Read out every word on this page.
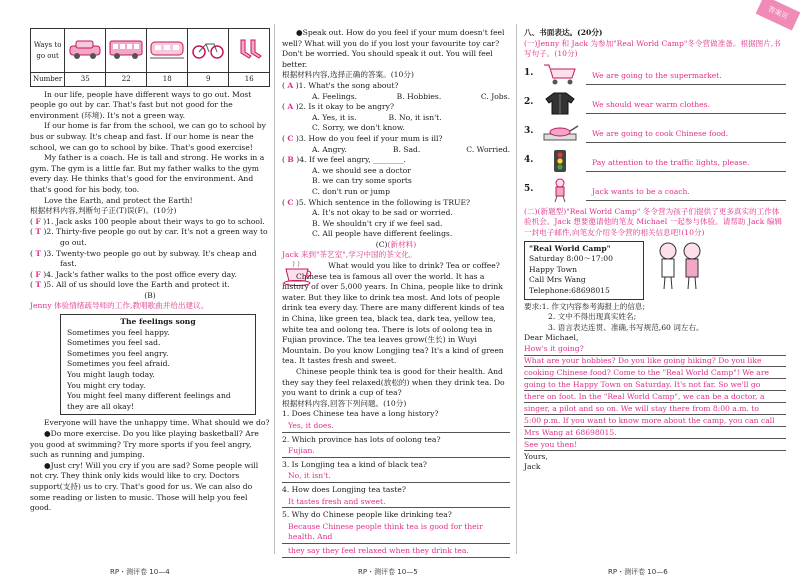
Ways to go out					
Number	35	22	18	9	16

In our life, people have different ways to go out. Most people go out by car. That's fast but not good for the environment (环境). It's not a green way.

If our home is far from the school, we can go to school by bus or subway. It's cheap and fast. If our home is near the school, we can go to school by bike. That's good exercise!

My father is a coach. He is tall and strong. He works in a gym. The gym is a little far. But my father walks to the gym every day. He thinks that's good for the environment. And that's good for his body, too.

Love the Earth, and protect the Earth!

根据材料内容,判断句子正(T)误(F)。(10分)

( F )1. Jack asks 100 people about their ways to go to school.

( T )2. Thirty-five people go out by car. It's not a green way to go out.

( T )3. Twenty-two people go out by subway. It's cheap and fast.

( F )4. Jack's father walks to the post office every day.

( T )5. All of us should love the Earth and protect it.

(B)

Jenny 体验情绪疏导师的工作,教唱歌曲并给出建议。

The feelings song

Sometimes you feel happy.

Sometimes you feel sad.

Sometimes you feel angry.

Sometimes you feel afraid.

You might laugh today.

You might cry today.

You might feel many different feelings and they are all okay!

Everyone will have the unhappy time. What should we do?

●Do more exercise. Do you like playing basketball? Are you good at swimming? Try more sports if you feel angry, such as running and jumping.

●Just cry! Will you cry if you are sad? Some people will not cry. They think only kids would like to cry. Doctors support(支持) us to cry. That's good for us. We can also do some reading or listen to music. Those will help you feel good.

●Speak out. How do you feel if your mum doesn't feel well? What will you do if you lost your favourite toy car? Don't be worried. You should speak it out. You will feel better.

根据材料内容,选择正确的答案。(10分)

( A )1. What's the song about?

A. Feelings.	B. Hobbies.	C. Jobs.

( A )2. Is it okay to be angry?

A. Yes, it is.	B. No, it isn't.

C. Sorry, we don't know.

( C )3. How do you feel if your mum is ill?

A. Angry.	B. Sad.	C. Worried.

( B )4. If we feel angry, ________.

A. we should see a doctor

B. we can try some sports

C. don't run or jump

( C )5. Which sentence in the following is TRUE?

A. It's not okay to be sad or worried.

B. We shouldn't cry if we feel sad.

C. All people have different feelings.

(C)(新材料)

Jack 来到"茶艺室",学习中国的茶文化。

What would you like to drink? Tea or coffee?

Chinese tea is famous all over the world. It has a history of over 5,000 years. In China, people like to drink water. But they like to drink tea most. And lots of people drink tea every day. There are many different kinds of tea in China, like green tea, black tea, dark tea, yellow tea, white tea and oolong tea. There is lots of oolong tea in Fujian province. The tea leaves grow(生长) in Wuyi Mountain. Do you know Longjing tea? It's a kind of green tea. It tastes fresh and sweet.

Chinese people think tea is good for their health. And they say they feel relaxed(放松的) when they drink tea. Do you want to drink a cup of tea?

根据材料内容,回答下列问题。(10分)

1. Does Chinese tea have a long history?

Yes, it does.

2. Which province has lots of oolong tea?

Fujian.

3. Is Longjing tea a kind of black tea?

No, it isn't.

4. How does Longjing tea taste?

It tastes fresh and sweet.

5. Why do Chinese people like drinking tea?

Because Chinese people think tea is good for their health. And

they say they feel relaxed when they drink tea.

八、书面表达。(20分)

(一)Jenny 和 Jack 为参加"Real World Camp"冬令营做准备。根据图片,书写句子。(10分)

1.	We are going to the supermarket.

2.	We should wear warm clothes.

3.	We are going to cook Chinese food.

4.	Pay attention to the traffic lights, please.

5.	Jack wants to be a coach.

(二)(新题型)"Real World Camp" 冬令营为孩子们提供了更多真实的工作体验机会。Jack 想要邀请他的笔友 Michael 一起参与体验。请帮助 Jack 编辑一封电子邮件,向笔友介绍冬令营的相关信息吧!(10分)

"Real World Camp"

Saturday 8:00～17:00

Happy Town

Call Mrs Wang

Telephone:68698015

要求:1. 作文内容参考海报上的信息;

2. 文中不得出现真实姓名;

3. 语言表达连贯、准确,书写规范,60 词左右。

Dear Michael,

How's it going?

What are your hobbies? Do you like going hiking? Do you like

cooking Chinese food? Come to the "Real World Camp"! We are

going to the Happy Town on Saturday. It's not far. So we'll go

there on foot. In the "Real World Camp", we can be a doctor, a

singer, a pilot and so on. We will stay there from 8:00 a.m. to

5:00 p.m. If you want to know more about the camp, you can call

Mrs Wang at 68698015.

See you then!

Yours,

Jack

RP・测评卷 10—4	RP・测评卷 10—5	RP・测评卷 10—6
答案页
